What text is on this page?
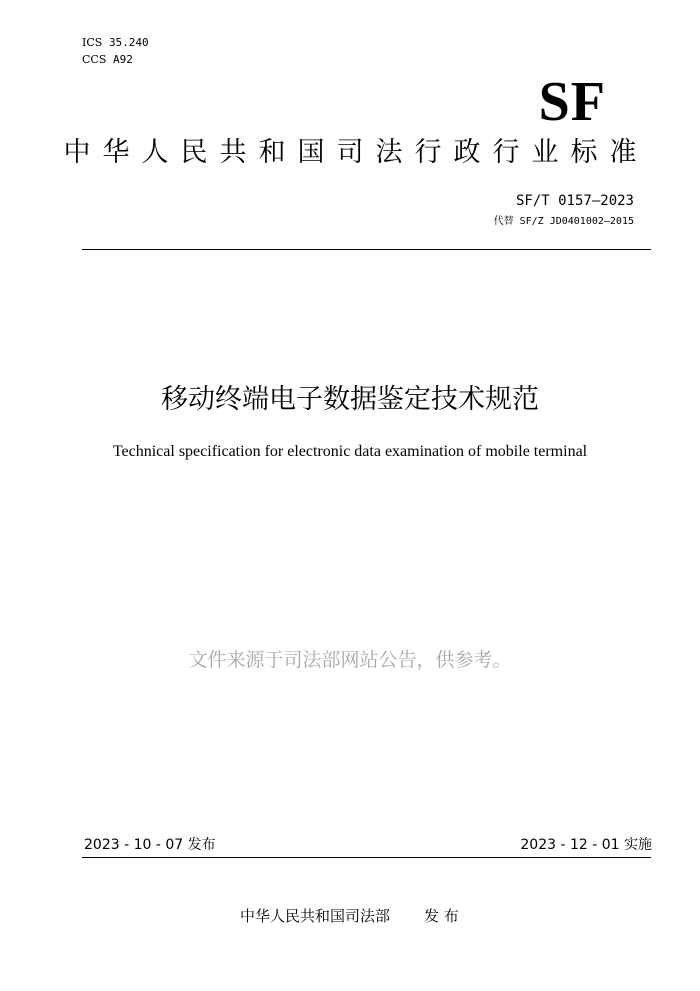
ICS 35.240
CCS A92
SF
中华人民共和国司法行政行业标准
SF/T 0157—2023
代替 SF/Z JD0401002—2015
移动终端电子数据鉴定技术规范
Technical specification for electronic data examination of mobile terminal
文件来源于司法部网站公告，供参考。
2023 - 10 - 07 发布	2023 - 12 - 01 实施
中华人民共和国司法部 发 布
